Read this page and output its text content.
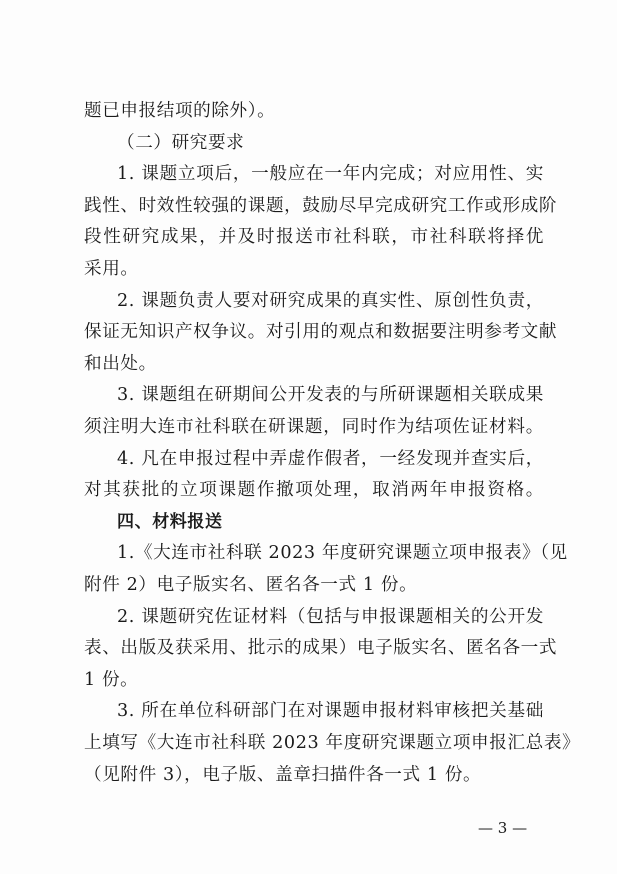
题已申报结项的除外）。
（二）研究要求
1. 课题立项后，一般应在一年内完成；对应用性、实
践性、时效性较强的课题，鼓励尽早完成研究工作或形成阶
段性研究成果，并及时报送市社科联，市社科联将择优
采用。
2. 课题负责人要对研究成果的真实性、原创性负责，
保证无知识产权争议。对引用的观点和数据要注明参考文献
和出处。
3. 课题组在研期间公开发表的与所研课题相关联成果
须注明大连市社科联在研课题，同时作为结项佐证材料。
4. 凡在申报过程中弄虚作假者，一经发现并查实后，
对其获批的立项课题作撤项处理，取消两年申报资格。
四、材料报送
1.《大连市社科联 2023 年度研究课题立项申报表》（见
附件 2）电子版实名、匿名各一式 1 份。
2. 课题研究佐证材料（包括与申报课题相关的公开发
表、出版及获采用、批示的成果）电子版实名、匿名各一式
1 份。
3. 所在单位科研部门在对课题申报材料审核把关基础
上填写《大连市社科联 2023 年度研究课题立项申报汇总表》
（见附件 3），电子版、盖章扫描件各一式 1 份。
— 3 —
